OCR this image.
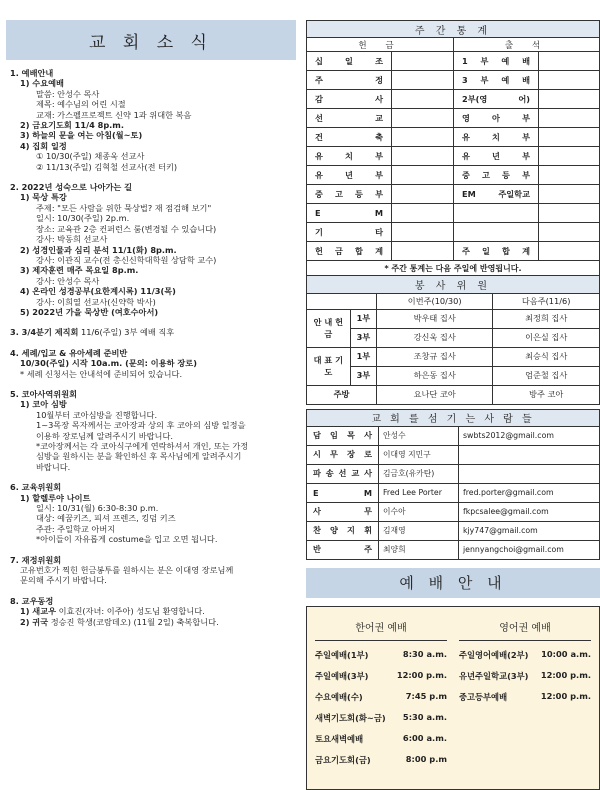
교 회 소 식
1. 예배안내
1) 수요예배
말씀: 안성수 목사
제목: 예수님의 어린 시절
교재: 가스펠프로젝트 신약 1과 위대한 복음
2) 금요기도회 11/4 8p.m.
3) 하늘의 문을 여는 아침(월~토)
4) 집회 일정
① 10/30(주일) 채종욱 선교사
② 11/13(주일) 김혁철 선교사(전 터키)
2. 2022년 성숙으로 나아가는 길
1) 묵상 특강
주제: "모든 사람을 위한 묵상법? 재 점검해 보기"
일시: 10/30(주일) 2p.m.
장소: 교육관 2층 컨퍼런스 룸(변경될 수 있습니다)
강사: 박동희 선교사
2) 성경인물과 심리 분석 11/1(화) 8p.m.
강사: 이관직 교수(전 총신신학대학원 상담학 교수)
3) 제자훈련 매주 목요일 8p.m.
강사: 안성수 목사
4) 온라인 성경공부(요한계시록) 11/3(목)
강사: 이희열 선교사(신약학 박사)
5) 2022년 가을 묵상반 (여호수아서)
3. 3/4분기 제직회 11/6(주일) 3부 예배 직후
4. 세례/입교 & 유아세례 준비반
10/30(주일) 시작 10a.m. (문의: 이용하 장로)
* 세례 신청서는 안내석에 준비되어 있습니다.
5. 코아사역위원회
1) 코아 심방
10월부터 코아심방을 진행합니다.
1~3목장 목자께서는 코아장과 상의 후 코아의 심방 일정을
이용하 장로님께 알려주시기 바랍니다.
*코아장께서는 각 코아식구에게 연락하셔서 개인, 또는 가정
심방을 원하시는 분을 확인하신 후 목사님에게 알려주시기
바랍니다.
6. 교육위원회
1) 할렐루야 나이트
일시: 10/31(월) 6:30-8:30 p.m.
대상: 예꿈키즈, 피셔 프렌즈, 킹덤 키즈
주관: 주일학교 아버지
*아이들이 자유롭게 costume을 입고 오면 됩니다.
7. 재정위원회
고유번호가 찍힌 헌금봉투를 원하시는 분은 이대영 장로님께
문의해 주시기 바랍니다.
8. 교우동정
1) 새교우 이효진(자녀: 이주아) 성도님 환영합니다.
2) 귀국 정승진 학생(코람데오) (11월 2일) 축복합니다.
주 간 통 계			
헌 금		출 석	
십 일 조		1 부 예 배	
주 정		3 부 예 배	
감 사		2부(영 어)	
선 교		영 아 부	
건 축		유 치 부	
유 치 부		유 년 부	
유 년 부		중 고 등 부	
중 고 등 부		EM 주일학교	
E M			
기 타			
헌 금 합 계		주 일 합 계	
* 주간 통계는 다음 주일에 반영됩니다.			
봉 사 위 원			
		이번주(10/30)	다음주(11/6)
안 내 헌 금	1부	박우태 집사	최정희 집사
	3부	강신욱 집사	이은실 집사
대 표 기 도	1부	조창규 집사	최승식 집사
	3부	하은동 집사	엄준철 집사
주방		요나단 코아	방주 코아
교 회 를 섬 기 는 사 람 들		
담 임 목 사	안성수	swbts2012@gmail.com
시 무 장 로	이대영 지민구	
파 송 선 교 사	김금호(유카탄)	
E M	Fred Lee Porter	fred.porter@gmail.com
사 무	이수아	fkpcsalee@gmail.com
찬 양 지 휘	김재영	kjy747@gmail.com
반 주	최양희	jennyangchoi@gmail.com
예 배 안 내
한어권 예배
주일예배(1부)	8:30 a.m.
주일예배(3부)	12:00 p.m.
수요예배(수)	7:45 p.m
새벽기도회(화~금) 5:30 a.m.
토요새벽예배	6:00 a.m.
금요기도회(금)	8:00 p.m
영어권 예배
주일영어예배(2부) 10:00 a.m.
유년주일학교(3부) 12:00 p.m.
중고등부예배	12:00 p.m.
